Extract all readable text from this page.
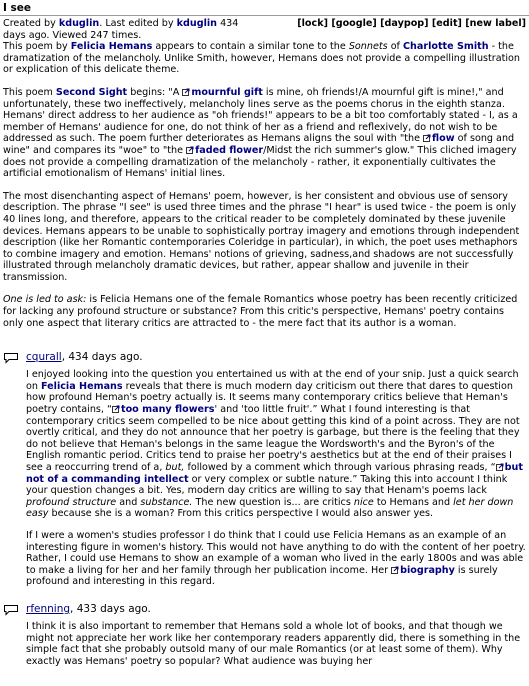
I see
[lock] [google] [daypop] [edit] [new label]
Created by kduglin. Last edited by kduglin 434
days ago. Viewed 247 times.

This poem by Felicia Hemans appears to contain a similar tone to the Sonnets of Charlotte Smith - the dramatization of the melancholy. Unlike Smith, however, Hemans does not provide a compelling illustration or explication of this delicate theme.

This poem Second Sight begins: "A
mournful gift is mine, oh friends!/A mournful gift is mine!," and unfortunately, these two ineffectively, melancholy lines serve as the poems chorus in the eighth stanza. Hemans' direct address to her audience as "oh friends!" appears to be a bit too comfortably stated - I, as a member of Hemans' audience for one, do not think of her as a friend and reflexively, do not wish to be addressed as such. The poem further deteriorates as Hemans aligns the soul with "the
flow of song and wine" and compares its "woe" to "the
faded flower/Midst the rich summer's glow." This cliched imagery does not provide a compelling dramatization of the melancholy - rather, it exponentially cultivates the artificial emotionalism of Hemans' initial lines.

The most disenchanting aspect of Hemans' poem, however, is her consistent and obvious use of sensory description. The phrase "I see" is used three times and the phrase "I hear" is used twice - the poem is only 40 lines long, and therefore, appears to the critical reader to be completely dominated by these juvenile devices. Hemans appears to be unable to sophistically portray imagery and emotions through independent description (like her Romantic contemporaries Coleridge in particular), in which, the poet uses methaphors to combine imagery and emotion. Hemans' notions of grieving, sadness,and shadows are not successfully illustrated through melancholy dramatic devices, but rather, appear shallow and juvenile in their transmission.

One is led to ask: is Felicia Hemans one of the female Romantics whose poetry has been recently criticized for lacking any profound structure or substance? From this critic's perspective, Hemans' poetry contains only one aspect that literary critics are attracted to - the mere fact that its author is a woman.

cqurall, 434 days ago.

I enjoyed looking into the question you entertained us with at the end of your snip. Just a quick search on Felicia Hemans reveals that there is much modern day criticism out there that dares to question how profound Heman's poetry actually is. It seems many contemporary critics believe that Heman's poetry contains, “ too many flowers' and 'too little fruit'.” What I found interesting is that contemporary critics seem compelled to be nice about getting this kind of a point across. They are not overtly critical, and they do not announce that her poetry is garbage, but there is the feeling that they do not believe that Heman's belongs in the same league the Wordsworth's and the Byron's of the English romantic period. Critics tend to praise her poetry's aesthetics but at the end of their praises I see a reoccurring trend of a, but, followed by a comment which through various phrasing reads, “ but not of a commanding intellect or very complex or subtle nature.” Taking this into account I think your question changes a bit. Yes, modern day critics are willing to say that Henam's poems lack profound structure and substance. The new question is... are critics nice to Hemans and let her down easy because she is a woman? From this critics perspective I would also answer yes.

If I were a women's studies professor I do think that I could use Felicia Hemans as an example of an interesting figure in women's history. This would not have anything to do with the content of her poetry. Rather, I could use Hemans to show an example of a woman who lived in the early 1800s and was able to make a living for her and her family through her publication income. Her
biography is surely profound and interesting in this regard.

rfenning, 433 days ago.

I think it is also important to remember that Hemans sold a whole lot of books, and that though we might not appreciate her work like her contemporary readers apparently did, there is something in the simple fact that she probably outsold many of our male Romantics (or at least some of them). Why exactly was Hemans' poetry so popular? What audience was buying her
